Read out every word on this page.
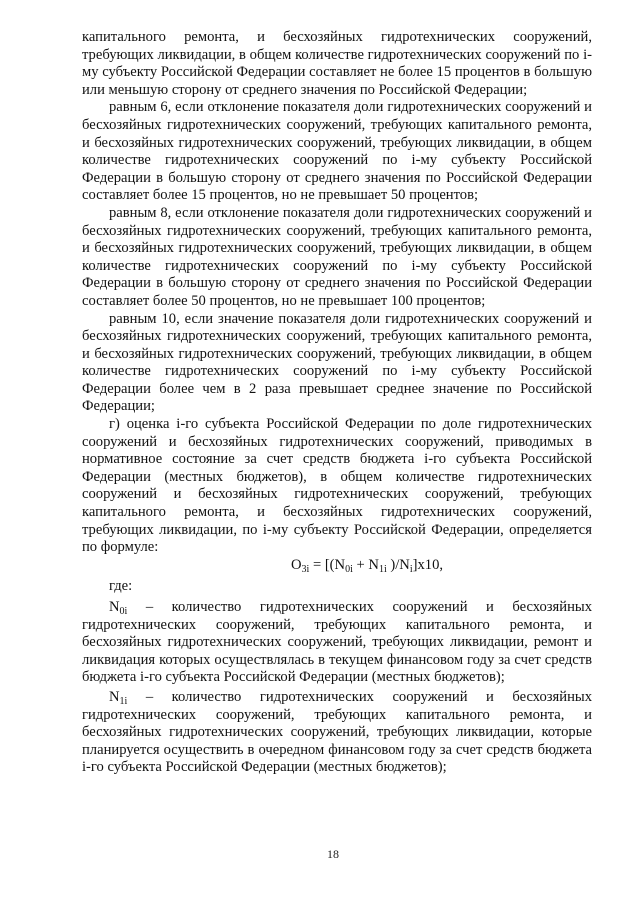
капитального ремонта, и бесхозяйных гидротехнических сооружений, требующих ликвидации, в общем количестве гидротехнических сооружений по i-му субъекту Российской Федерации составляет не более 15 процентов в большую или меньшую сторону от среднего значения по Российской Федерации;

равным 6, если отклонение показателя доли гидротехнических сооружений и бесхозяйных гидротехнических сооружений, требующих капитального ремонта, и бесхозяйных гидротехнических сооружений, требующих ликвидации, в общем количестве гидротехнических сооружений по i-му субъекту Российской Федерации в большую сторону от среднего значения по Российской Федерации составляет более 15 процентов, но не превышает 50 процентов;

равным 8, если отклонение показателя доли гидротехнических сооружений и бесхозяйных гидротехнических сооружений, требующих капитального ремонта, и бесхозяйных гидротехнических сооружений, требующих ликвидации, в общем количестве гидротехнических сооружений по i-му субъекту Российской Федерации в большую сторону от среднего значения по Российской Федерации составляет более 50 процентов, но не превышает 100 процентов;

равным 10, если значение показателя доли гидротехнических сооружений и бесхозяйных гидротехнических сооружений, требующих капитального ремонта, и бесхозяйных гидротехнических сооружений, требующих ликвидации, в общем количестве гидротехнических сооружений по i-му субъекту Российской Федерации более чем в 2 раза превышает среднее значение по Российской Федерации;

г) оценка i-го субъекта Российской Федерации по доле гидротехнических сооружений и бесхозяйных гидротехнических сооружений, приводимых в нормативное состояние за счет средств бюджета i-го субъекта Российской Федерации (местных бюджетов), в общем количестве гидротехнических сооружений и бесхозяйных гидротехнических сооружений, требующих капитального ремонта, и бесхозяйных гидротехнических сооружений, требующих ликвидации, по i-му субъекту Российской Федерации, определяется по формуле:

$O_{3i} = [(N_{0i} + N_{1i}$ )$/N_i]x10$,

где:

$N_{0i}$ – количество гидротехнических сооружений и бесхозяйных гидротехнических сооружений, требующих капитального ремонта, и бесхозяйных гидротехнических сооружений, требующих ликвидации, ремонт и ликвидация которых осуществлялась в текущем финансовом году за счет средств бюджета i-го субъекта Российской Федерации (местных бюджетов);

$N_{1i}$ – количество гидротехнических сооружений и бесхозяйных гидротехнических сооружений, требующих капитального ремонта, и бесхозяйных гидротехнических сооружений, требующих ликвидации, которые планируется осуществить в очередном финансовом году за счет средств бюджета i-го субъекта Российской Федерации (местных бюджетов);

18
